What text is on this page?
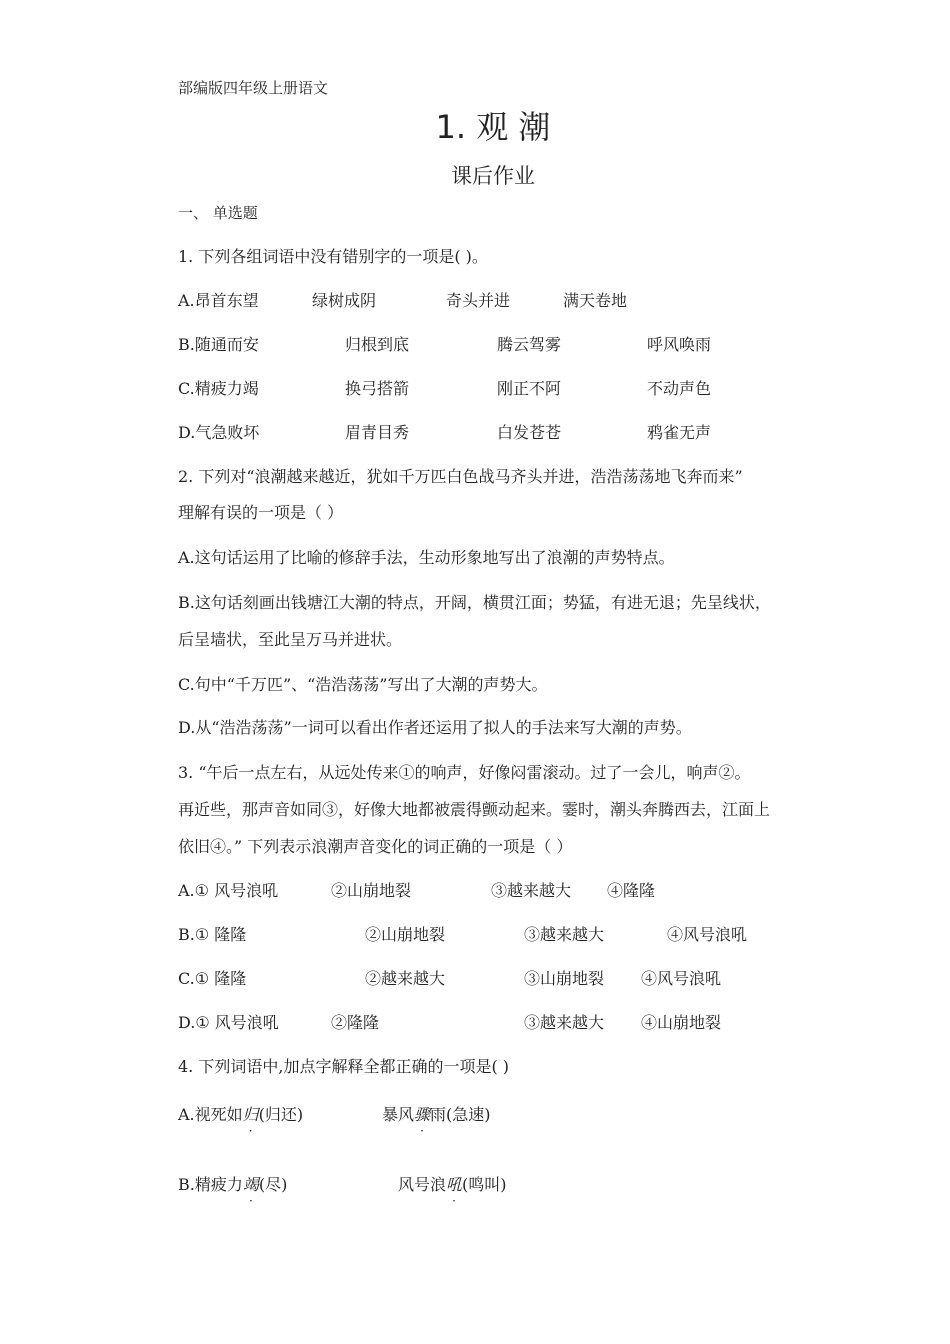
部编版四年级上册语文
1. 观 潮
课后作业
一、 单选题
1. 下列各组词语中没有错别字的一项是( )。
A.昂首东望	绿树成阴	奇头并进	满天卷地
B.随通而安	归根到底	腾云驾雾	呼风唤雨
C.精疲力竭	换弓搭箭	刚正不阿	不动声色
D.气急败坏	眉青目秀	白发苍苍	鸦雀无声
2. 下列对“浪潮越来越近，犹如千万匹白色战马齐头并进，浩浩荡荡地飞奔而来”
理解有误的一项是（ ）
A.这句话运用了比喻的修辞手法，生动形象地写出了浪潮的声势特点。
B.这句话刻画出钱塘江大潮的特点，开阔，横贯江面；势猛，有进无退；先呈线状，
后呈墙状，至此呈万马并进状。
C.句中“千万匹”、“浩浩荡荡”写出了大潮的声势大。
D.从“浩浩荡荡”一词可以看出作者还运用了拟人的手法来写大潮的声势。
3. “午后一点左右，从远处传来①的响声，好像闷雷滚动。过了一会儿，响声②。
再近些，那声音如同③，好像大地都被震得颤动起来。霎时，潮头奔腾西去，江面上
依旧④。” 下列表示浪潮声音变化的词正确的一项是（ ）
A.① 风号浪吼	②山崩地裂	③越来越大 ④隆隆
B.① 隆隆	②山崩地裂	③越来越大	④风号浪吼
C.① 隆隆	②越来越大	③山崩地裂 ④风号浪吼
D.① 风号浪吼	②隆隆	③越来越大 ④山崩地裂
4. 下列词语中,加点字解释全都正确的一项是( )
A.视死如归(归还)	暴风骤雨(急速)
B.精疲力竭(尽)	风号浪吼(鸣叫)
